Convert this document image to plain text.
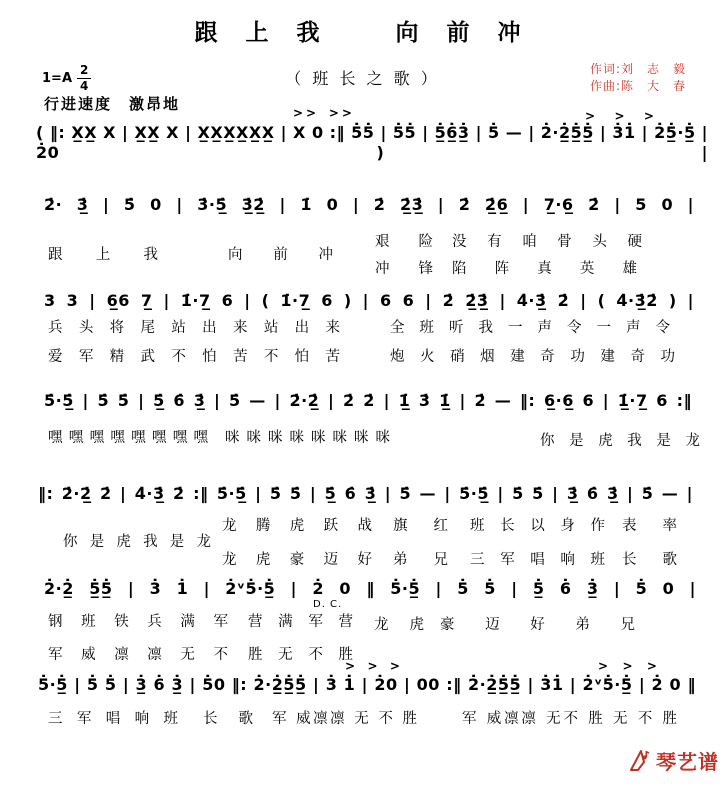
跟 上 我　　向 前 冲
$1=A \frac{2}{4}$	（ 班 长 之 歌 ）	作词:刘　志　毅
作曲:陈　大　春
行进速度　激昂地
( ‖: X̲X̲ X | X̲X̲ X | X̲X̲X̲X̲X̲X̲ | X 0 :‖ 5̇5̇ | 5̇5̇ | 5̲̇6̲̇3̲̇ | 5̇ — | 2̇·2̲̇5̲̇5̲̇ | 3̇1̇ | 2̇5̲̇·5̲̇ | 2̇0 ) |
>> >>	> > >
2̇· 3̲̇ | 5̇ 0 | 3̇·5̲̇ 3̲̇2̲̇ | 1̇ 0 | 2̇ 2̲̇3̲̇ | 2̇ 2̲̇6̲ | 7̲·6̲ 2̇ | 5 0 |
跟 上 我	向 前 冲
艰 险 没 有 咱 骨 头 硬
冲 锋 陷 阵 真 英 雄
3 3 | 6̲6 7̲ | 1̇·7̲ 6 | ( 1̇·7̲ 6 ) | 6 6 | 2̇ 2̲̇3̲̇ | 4̇·3̲̇ 2̇ | ( 4̇·3̲̇2̇ ) |
兵 头 将 尾 站 出 来 站 出 来	全 班 听 我 一 声 令 一 声 令
爱 军 精 武 不 怕 苦 不 怕 苦	炮 火 硝 烟 建 奇 功 建 奇 功
5̇·5̲̇ | 5̇ 5̇ | 5̲̇ 6̇ 3̲̇ | 5̇ — | 2̇·2̲̇ | 2̇ 2̇ | 1̲̇ 3̇ 1̲̇ | 2̇ — ‖: 6̲·6̲ 6 | 1̲̇·7̲ 6 :‖
嘿 嘿 嘿 嘿 嘿 嘿 嘿 嘿 咪 咪 咪 咪 咪 咪 咪 咪	你 是 虎 我 是 龙
‖: 2̇·2̲̇ 2̇ | 4̇·3̲̇ 2̇ :‖ 5̇·5̲̇ | 5̇ 5̇ | 5̲̇ 6̇ 3̲̇ | 5̇ — | 5̇·5̲̇ | 5̇ 5̇ | 3̲̇ 6̇ 3̲̇ | 5̇ — |
龙 腾 虎 跃 战 旗 红 班 长 以 身 作 表 率
你 是 虎 我 是 龙
龙 虎 豪 迈 好 弟 兄 三 军 唱 响 班 长 歌
2̇·2̲̇ 5̲̇5̲̇ | 3̇ 1̇ | 2̇ᵛ5̇·5̲̇ | 2̇ 0 ‖ 5̇·5̲̇ | 5̇ 5̇ | 5̲̇ 6̇ 3̲̇ | 5̇ 0 |
D. C.
钢 班 铁 兵 满 军 营 满 军 营 龙 虎 豪 迈 好 弟 兄
军 威 凛 凛 无 不 胜 无 不 胜
5̇·5̲̇ | 5̇ 5̇ | 3̲̇ 6̇ 3̲̇ | 5̇0 ‖: 2̇·2̲̇5̲̇5̲̇ | 3̇ 1̇ | 2̇0 | 00 :‖ 2̇·2̲̇5̲̇5̲̇ | 3̇1̇ | 2̇ᵛ5̇·5̲̇ | 2̇ 0 ‖
> > >	> > >
三 军 唱 响 班 长 歌 军 威凛凛 无 不 胜	军 威凛凛 无不 胜 无 不 胜
琴艺谱
